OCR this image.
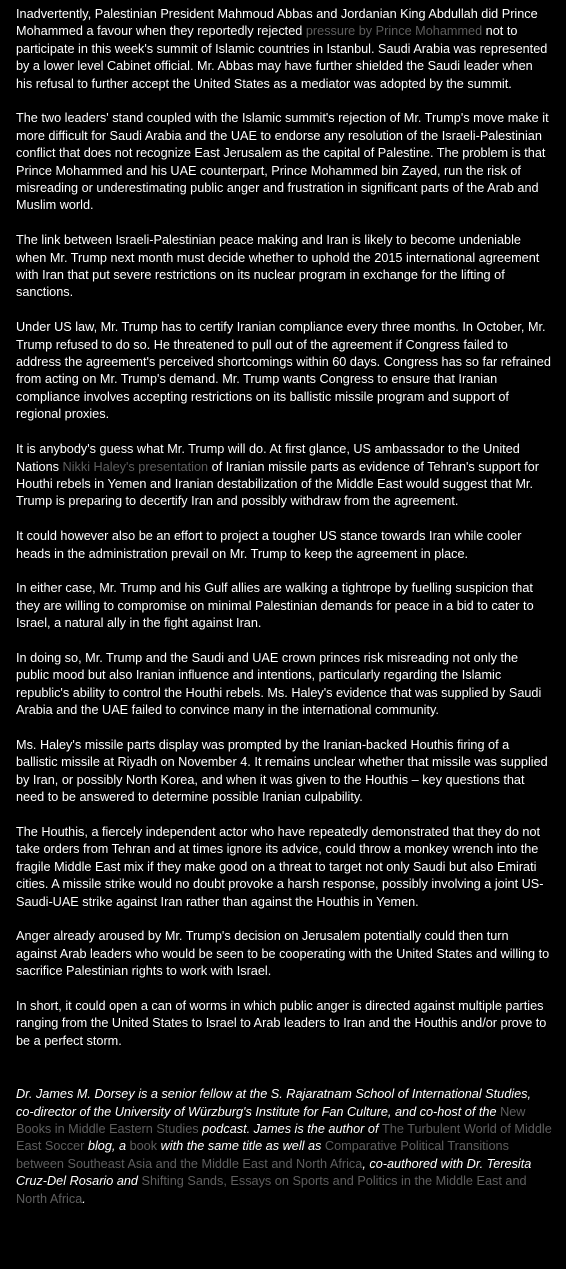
Inadvertently, Palestinian President Mahmoud Abbas and Jordanian King Abdullah did Prince Mohammed a favour when they reportedly rejected pressure by Prince Mohammed not to participate in this week's summit of Islamic countries in Istanbul. Saudi Arabia was represented by a lower level Cabinet official. Mr. Abbas may have further shielded the Saudi leader when his refusal to further accept the United States as a mediator was adopted by the summit.

The two leaders' stand coupled with the Islamic summit's rejection of Mr. Trump's move make it more difficult for Saudi Arabia and the UAE to endorse any resolution of the Israeli-Palestinian conflict that does not recognize East Jerusalem as the capital of Palestine. The problem is that Prince Mohammed and his UAE counterpart, Prince Mohammed bin Zayed, run the risk of misreading or underestimating public anger and frustration in significant parts of the Arab and Muslim world.

The link between Israeli-Palestinian peace making and Iran is likely to become undeniable when Mr. Trump next month must decide whether to uphold the 2015 international agreement with Iran that put severe restrictions on its nuclear program in exchange for the lifting of sanctions.

Under US law, Mr. Trump has to certify Iranian compliance every three months. In October, Mr. Trump refused to do so. He threatened to pull out of the agreement if Congress failed to address the agreement's perceived shortcomings within 60 days. Congress has so far refrained from acting on Mr. Trump's demand. Mr. Trump wants Congress to ensure that Iranian compliance involves accepting restrictions on its ballistic missile program and support of regional proxies.

It is anybody's guess what Mr. Trump will do. At first glance, US ambassador to the United Nations Nikki Haley's presentation of Iranian missile parts as evidence of Tehran's support for Houthi rebels in Yemen and Iranian destabilization of the Middle East would suggest that Mr. Trump is preparing to decertify Iran and possibly withdraw from the agreement.

It could however also be an effort to project a tougher US stance towards Iran while cooler heads in the administration prevail on Mr. Trump to keep the agreement in place.

In either case, Mr. Trump and his Gulf allies are walking a tightrope by fuelling suspicion that they are willing to compromise on minimal Palestinian demands for peace in a bid to cater to Israel, a natural ally in the fight against Iran.

In doing so, Mr. Trump and the Saudi and UAE crown princes risk misreading not only the public mood but also Iranian influence and intentions, particularly regarding the Islamic republic's ability to control the Houthi rebels. Ms. Haley's evidence that was supplied by Saudi Arabia and the UAE failed to convince many in the international community.

Ms. Haley's missile parts display was prompted by the Iranian-backed Houthis firing of a ballistic missile at Riyadh on November 4. It remains unclear whether that missile was supplied by Iran, or possibly North Korea, and when it was given to the Houthis – key questions that need to be answered to determine possible Iranian culpability.

The Houthis, a fiercely independent actor who have repeatedly demonstrated that they do not take orders from Tehran and at times ignore its advice, could throw a monkey wrench into the fragile Middle East mix if they make good on a threat to target not only Saudi but also Emirati cities. A missile strike would no doubt provoke a harsh response, possibly involving a joint US-Saudi-UAE strike against Iran rather than against the Houthis in Yemen.

Anger already aroused by Mr. Trump's decision on Jerusalem potentially could then turn against Arab leaders who would be seen to be cooperating with the United States and willing to sacrifice Palestinian rights to work with Israel.

In short, it could open a can of worms in which public anger is directed against multiple parties ranging from the United States to Israel to Arab leaders to Iran and the Houthis and/or prove to be a perfect storm.

Dr. James M. Dorsey is a senior fellow at the S. Rajaratnam School of International Studies, co-director of the University of Würzburg's Institute for Fan Culture, and co-host of the New Books in Middle Eastern Studies podcast. James is the author of The Turbulent World of Middle East Soccer blog, a book with the same title as well as Comparative Political Transitions between Southeast Asia and the Middle East and North Africa, co-authored with Dr. Teresita Cruz-Del Rosario and Shifting Sands, Essays on Sports and Politics in the Middle East and North Africa.
